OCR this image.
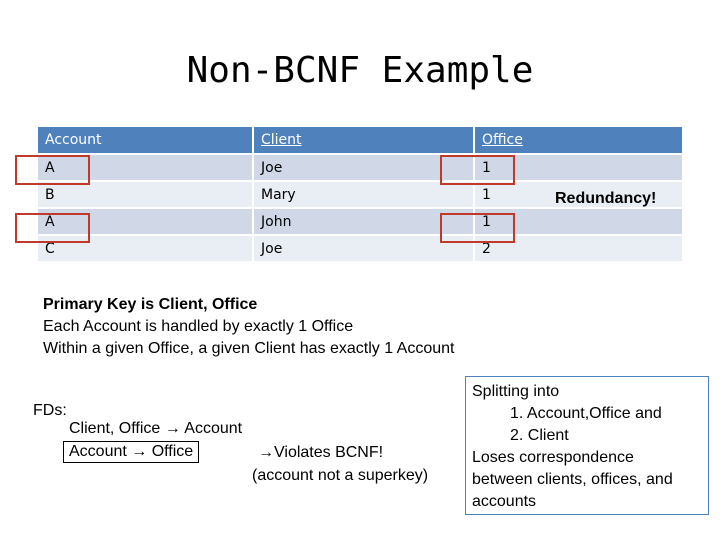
Non-BCNF Example
Account	Client	Office
A	Joe	1
B	Mary	1
A	John	1
C	Joe	2
Redundancy!
Primary Key is Client, Office
Each Account is handled by exactly 1 Office
Within a given Office, a given Client has exactly 1 Account
FDs:
Client, Office → Account
Account → Office	→Violates BCNF!
(account not a superkey)
Splitting into
1. Account,Office and
2. Client
Loses correspondence
between clients, offices, and
accounts
